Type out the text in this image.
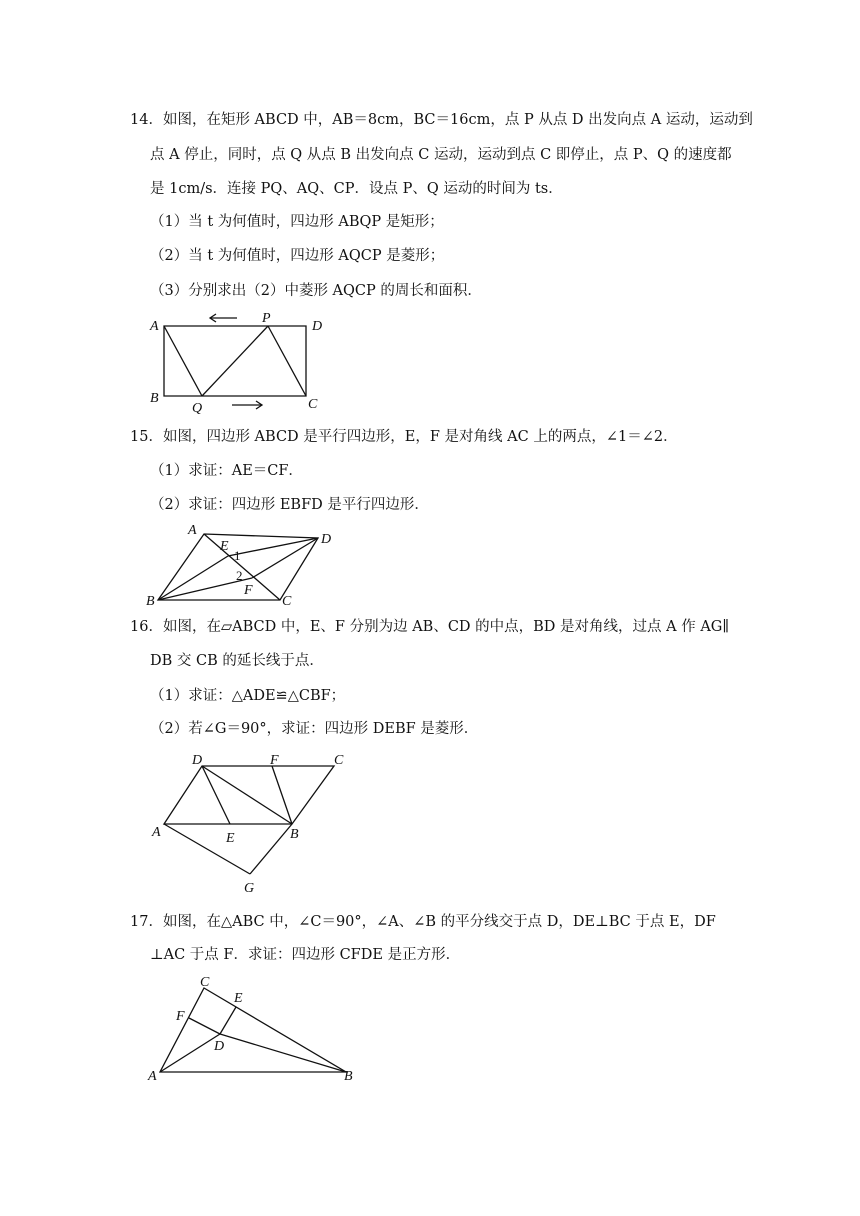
14．如图，在矩形 ABCD 中，AB＝8cm，BC＝16cm，点 P 从点 D 出发向点 A 运动，运动到
点 A 停止，同时，点 Q 从点 B 出发向点 C 运动，运动到点 C 即停止，点 P、Q 的速度都
是 1cm/s．连接 PQ、AQ、CP．设点 P、Q 运动的时间为 ts．
（1）当 t 为何值时，四边形 ABQP 是矩形；
（2）当 t 为何值时，四边形 AQCP 是菱形；
（3）分别求出（2）中菱形 AQCP 的周长和面积．
A
P
D
B
Q	C
15．如图，四边形 ABCD 是平行四边形，E，F 是对角线 AC 上的两点，∠1＝∠2．
（1）求证：AE＝CF．
（2）求证：四边形 EBFD 是平行四边形．
A
E
1
2
F
D
B	C
16．如图，在▱ABCD 中，E、F 分别为边 AB、CD 的中点，BD 是对角线，过点 A 作 AG∥
DB 交 CB 的延长线于点．
（1）求证：△ADE≌△CBF；
（2）若∠G＝90°，求证：四边形 DEBF 是菱形．
D	F	C
A	E	B
G
17．如图，在△ABC 中，∠C＝90°，∠A、∠B 的平分线交于点 D，DE⊥BC 于点 E，DF
⊥AC 于点 F．求证：四边形 CFDE 是正方形．
C
E
F
D
A	B
